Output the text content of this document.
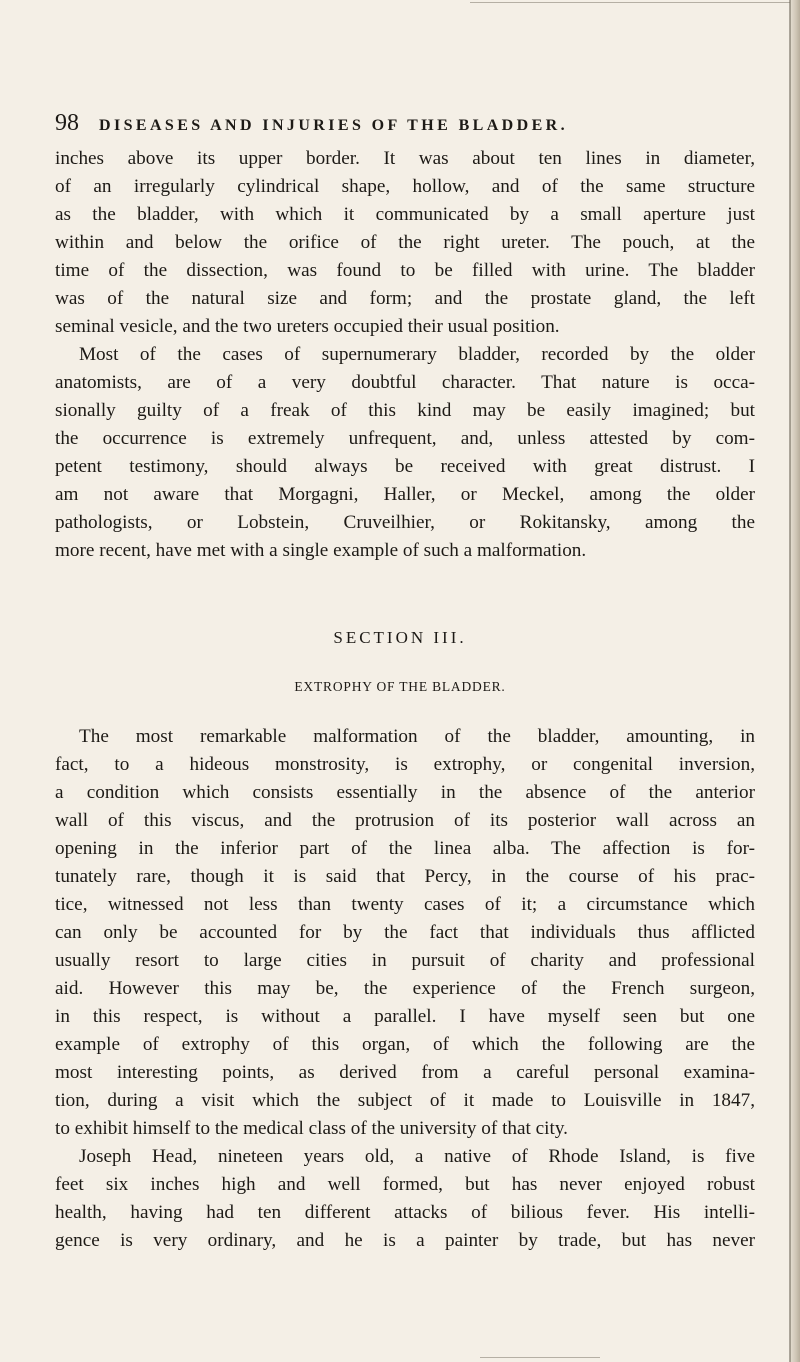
98 DISEASES AND INJURIES OF THE BLADDER.

inches above its upper border. It was about ten lines in diameter,

of an irregularly cylindrical shape, hollow, and of the same structure

as the bladder, with which it communicated by a small aperture just

within and below the orifice of the right ureter. The pouch, at the

time of the dissection, was found to be filled with urine. The bladder

was of the natural size and form; and the prostate gland, the left

seminal vesicle, and the two ureters occupied their usual position.

Most of the cases of supernumerary bladder, recorded by the older

anatomists, are of a very doubtful character. That nature is occa-

sionally guilty of a freak of this kind may be easily imagined; but

the occurrence is extremely unfrequent, and, unless attested by com-

petent testimony, should always be received with great distrust. I

am not aware that Morgagni, Haller, or Meckel, among the older

pathologists, or Lobstein, Cruveilhier, or Rokitansky, among the

more recent, have met with a single example of such a malformation.

SECTION III.
EXTROPHY OF THE BLADDER.

The most remarkable malformation of the bladder, amounting, in

fact, to a hideous monstrosity, is extrophy, or congenital inversion,

a condition which consists essentially in the absence of the anterior

wall of this viscus, and the protrusion of its posterior wall across an

opening in the inferior part of the linea alba. The affection is for-

tunately rare, though it is said that Percy, in the course of his prac-

tice, witnessed not less than twenty cases of it; a circumstance which

can only be accounted for by the fact that individuals thus afflicted

usually resort to large cities in pursuit of charity and professional

aid. However this may be, the experience of the French surgeon,

in this respect, is without a parallel. I have myself seen but one

example of extrophy of this organ, of which the following are the

most interesting points, as derived from a careful personal examina-

tion, during a visit which the subject of it made to Louisville in 1847,

to exhibit himself to the medical class of the university of that city.

Joseph Head, nineteen years old, a native of Rhode Island, is five

feet six inches high and well formed, but has never enjoyed robust

health, having had ten different attacks of bilious fever. His intelli-

gence is very ordinary, and he is a painter by trade, but has never
